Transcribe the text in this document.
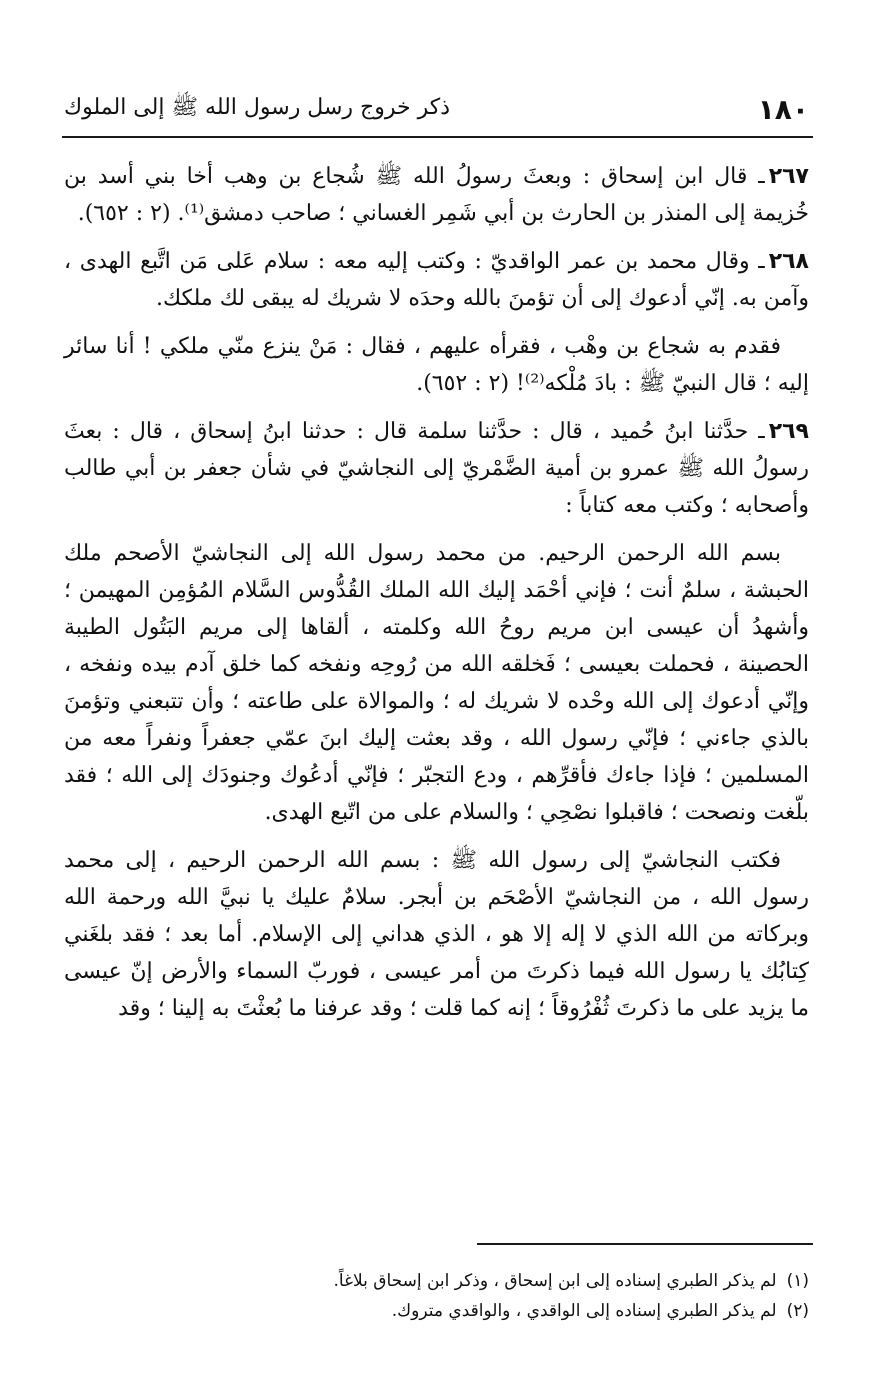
١٨٠
ذكر خروج رسل رسول الله ﷺ إلى الملوك

٢٦٧ـ قال ابن إسحاق : وبعثَ رسولُ الله ﷺ شُجاع بن وهب أخا بني أسد بن خُزيمة إلى المنذر بن الحارث بن أبي شَمِر الغساني ؛ صاحب دمشق⁽¹⁾. (٢ : ٦٥٢).

٢٦٨ـ وقال محمد بن عمر الواقديّ : وكتب إليه معه : سلام عَلى مَن اتَّبع الهدى ، وآمن به. إنّي أدعوك إلى أن تؤمنَ بالله وحدَه لا شريك له يبقى لك ملكك.

فقدم به شجاع بن وهْب ، فقرأه عليهم ، فقال : مَنْ ينزع منّي ملكي ! أنا سائر إليه ؛ قال النبيّ ﷺ : بادَ مُلْكه⁽²⁾! (٢ : ٦٥٢).

٢٦٩ـ حدَّثنا ابنُ حُميد ، قال : حدَّثنا سلمة قال : حدثنا ابنُ إسحاق ، قال : بعثَ رسولُ الله ﷺ عمرو بن أمية الضَّمْريّ إلى النجاشيّ في شأن جعفر بن أبي طالب وأصحابه ؛ وكتب معه كتاباً :

بسم الله الرحمن الرحيم. من محمد رسول الله إلى النجاشيّ الأصحم ملك الحبشة ، سلمٌ أنت ؛ فإني أحْمَد إليك الله الملك القُدُّوس السَّلام المُؤمِن المهيمن ؛ وأشهدُ أن عيسى ابن مريم روحُ الله وكلمته ، ألقاها إلى مريم البَتُول الطيبة الحصينة ، فحملت بعيسى ؛ فَخلقه الله من رُوحِه ونفخه كما خلق آدم بيده ونفخه ، وإنّي أدعوك إلى الله وحْده لا شريك له ؛ والموالاة على طاعته ؛ وأن تتبعني وتؤمنَ بالذي جاءني ؛ فإنّي رسول الله ، وقد بعثت إليك ابنَ عمّي جعفراً ونفراً معه من المسلمين ؛ فإذا جاءك فأقرِّهم ، ودع التجبّر ؛ فإنّي أدعُوك وجنودَك إلى الله ؛ فقد بلّغت ونصحت ؛ فاقبلوا نصْحِي ؛ والسلام على من اتّبع الهدى.

فكتب النجاشيّ إلى رسول الله ﷺ : بسم الله الرحمن الرحيم ، إلى محمد رسول الله ، من النجاشيّ الأصْحَم بن أبجر. سلامٌ عليك يا نبيَّ الله ورحمة الله وبركاته من الله الذي لا إله إلا هو ، الذي هداني إلى الإسلام. أما بعد ؛ فقد بلغَني كِتابُك يا رسول الله فيما ذكرتَ من أمر عيسى ، فوربّ السماء والأرض إنّ عيسى ما يزيد على ما ذكرتَ ثُفْرُوقاً ؛ إنه كما قلت ؛ وقد عرفنا ما بُعثْتَ به إلينا ؛ وقد

(١)لم يذكر الطبري إسناده إلى ابن إسحاق ، وذكر ابن إسحاق بلاغاً.

(٢)لم يذكر الطبري إسناده إلى الواقدي ، والواقدي متروك.
